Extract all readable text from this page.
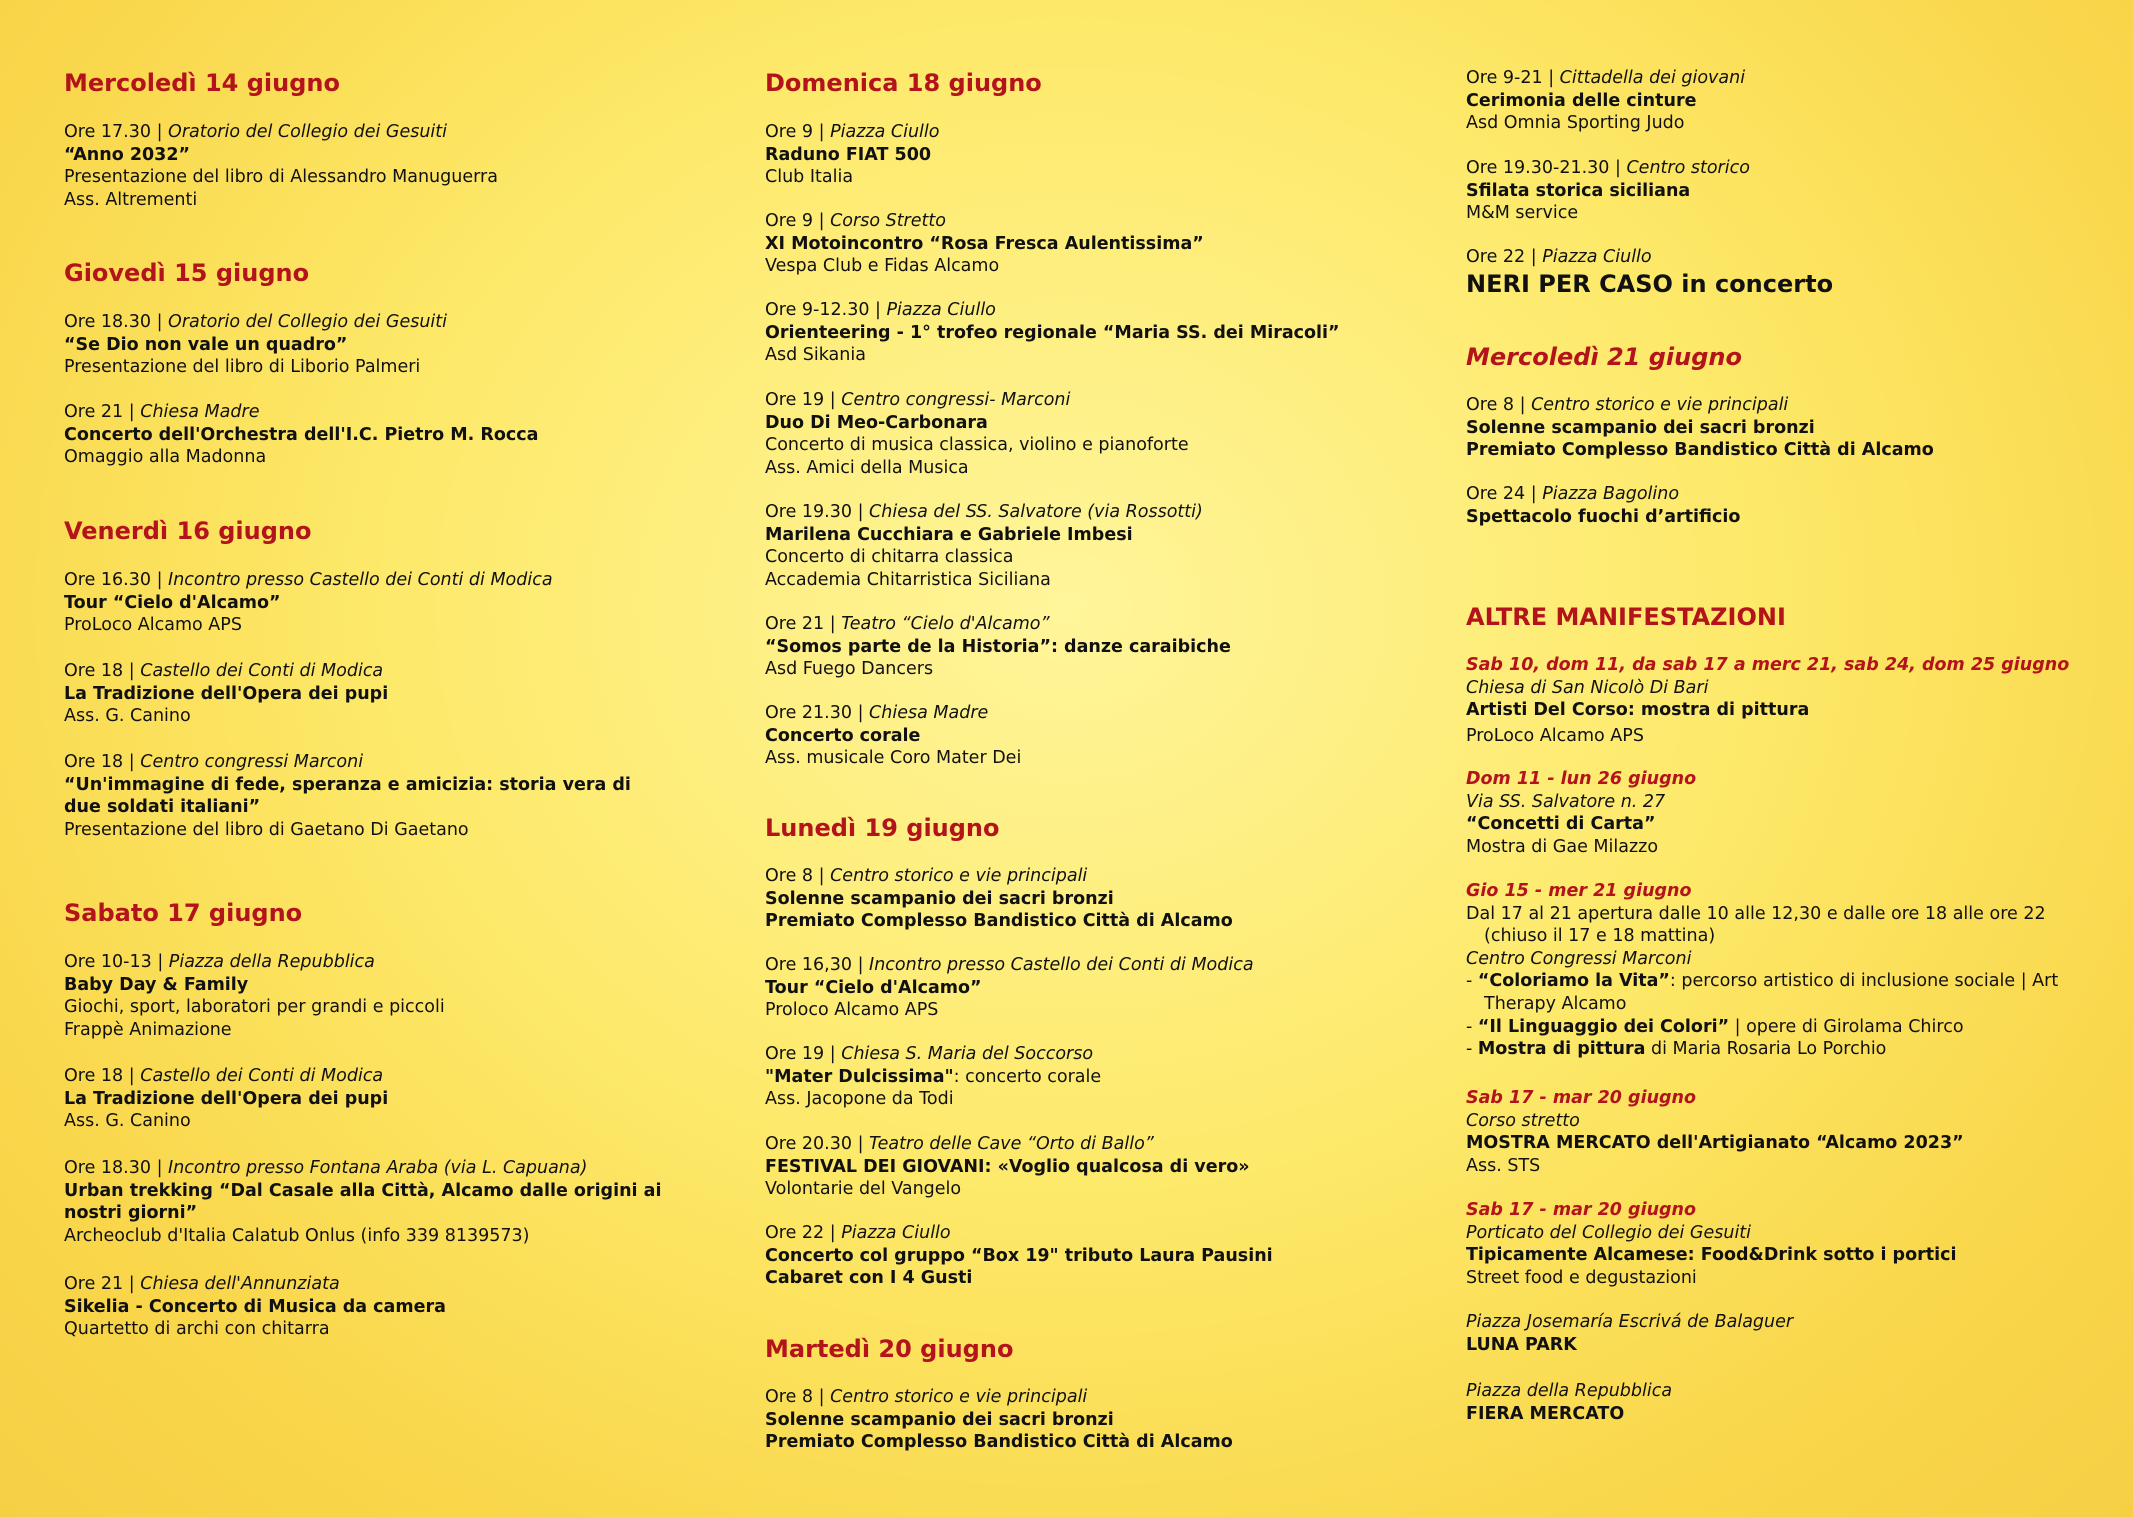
Mercoledì 14 giugno
Ore 17.30 | Oratorio del Collegio dei Gesuiti
“Anno 2032”
Presentazione del libro di Alessandro Manuguerra
Ass. Altrementi
Giovedì 15 giugno
Ore 18.30 | Oratorio del Collegio dei Gesuiti
“Se Dio non vale un quadro”
Presentazione del libro di Liborio Palmeri
Ore 21 | Chiesa Madre
Concerto dell'Orchestra dell'I.C. Pietro M. Rocca
Omaggio alla Madonna
Venerdì 16 giugno
Ore 16.30 | Incontro presso Castello dei Conti di Modica
Tour “Cielo d'Alcamo”
ProLoco Alcamo APS
Ore 18 | Castello dei Conti di Modica
La Tradizione dell'Opera dei pupi
Ass. G. Canino
Ore 18 | Centro congressi Marconi
“Un'immagine di fede, speranza e amicizia: storia vera di due soldati italiani”
Presentazione del libro di Gaetano Di Gaetano
Sabato 17 giugno
Ore 10-13 | Piazza della Repubblica
Baby Day & Family
Giochi, sport, laboratori per grandi e piccoli
Frappè Animazione
Ore 18 | Castello dei Conti di Modica
La Tradizione dell'Opera dei pupi
Ass. G. Canino
Ore 18.30 | Incontro presso Fontana Araba (via L. Capuana)
Urban trekking “Dal Casale alla Città, Alcamo dalle origini ai nostri giorni”
Archeoclub d'Italia Calatub Onlus (info 339 8139573)
Ore 21 | Chiesa dell'Annunziata
Sikelia - Concerto di Musica da camera
Quartetto di archi con chitarra
Domenica 18 giugno
Ore 9 | Piazza Ciullo
Raduno FIAT 500
Club Italia
Ore 9 | Corso Stretto
XI Motoincontro “Rosa Fresca Aulentissima”
Vespa Club e Fidas Alcamo
Ore 9-12.30 | Piazza Ciullo
Orienteering - 1° trofeo regionale “Maria SS. dei Miracoli”
Asd Sikania
Ore 19 | Centro congressi- Marconi
Duo Di Meo-Carbonara
Concerto di musica classica, violino e pianoforte
Ass. Amici della Musica
Ore 19.30 | Chiesa del SS. Salvatore (via Rossotti)
Marilena Cucchiara e Gabriele Imbesi
Concerto di chitarra classica
Accademia Chitarristica Siciliana
Ore 21 | Teatro “Cielo d'Alcamo”
“Somos parte de la Historia”: danze caraibiche
Asd Fuego Dancers
Ore 21.30 | Chiesa Madre
Concerto corale
Ass. musicale Coro Mater Dei
Lunedì 19 giugno
Ore 8 | Centro storico e vie principali
Solenne scampanio dei sacri bronzi
Premiato Complesso Bandistico Città di Alcamo
Ore 16,30 | Incontro presso Castello dei Conti di Modica
Tour “Cielo d'Alcamo”
Proloco Alcamo APS
Ore 19 | Chiesa S. Maria del Soccorso
"Mater Dulcissima": concerto corale
Ass. Jacopone da Todi
Ore 20.30 | Teatro delle Cave “Orto di Ballo”
FESTIVAL DEI GIOVANI: «Voglio qualcosa di vero»
Volontarie del Vangelo
Ore 22 | Piazza Ciullo
Concerto col gruppo “Box 19" tributo Laura Pausini
Cabaret con I 4 Gusti
Martedì 20 giugno
Ore 8 | Centro storico e vie principali
Solenne scampanio dei sacri bronzi
Premiato Complesso Bandistico Città di Alcamo
Ore 9-21 | Cittadella dei giovani
Cerimonia delle cinture
Asd Omnia Sporting Judo
Ore 19.30-21.30 | Centro storico
Sfilata storica siciliana
M&M service
Ore 22 | Piazza Ciullo
NERI PER CASO in concerto
Mercoledì 21 giugno
Ore 8 | Centro storico e vie principali
Solenne scampanio dei sacri bronzi
Premiato Complesso Bandistico Città di Alcamo
Ore 24 | Piazza Bagolino
Spettacolo fuochi d’artificio
ALTRE MANIFESTAZIONI
Sab 10, dom 11, da sab 17 a merc 21, sab 24, dom 25 giugno
Chiesa di San Nicolò Di Bari
Artisti Del Corso: mostra di pittura
ProLoco Alcamo APS
Dom 11 - lun 26 giugno
Via SS. Salvatore n. 27
“Concetti di Carta”
Mostra di Gae Milazzo
Gio 15 - mer 21 giugno
Dal 17 al 21 apertura dalle 10 alle 12,30 e dalle ore 18 alle ore 22
(chiuso il 17 e 18 mattina)
Centro Congressi Marconi
- “Coloriamo la Vita”: percorso artistico di inclusione sociale | Art
Therapy Alcamo
- “Il Linguaggio dei Colori” | opere di Girolama Chirco
- Mostra di pittura di Maria Rosaria Lo Porchio
Sab 17 - mar 20 giugno
Corso stretto
MOSTRA MERCATO dell'Artigianato “Alcamo 2023”
Ass. STS
Sab 17 - mar 20 giugno
Porticato del Collegio dei Gesuiti
Tipicamente Alcamese: Food&Drink sotto i portici
Street food e degustazioni
Piazza Josemaría Escrivá de Balaguer
LUNA PARK
Piazza della Repubblica
FIERA MERCATO
